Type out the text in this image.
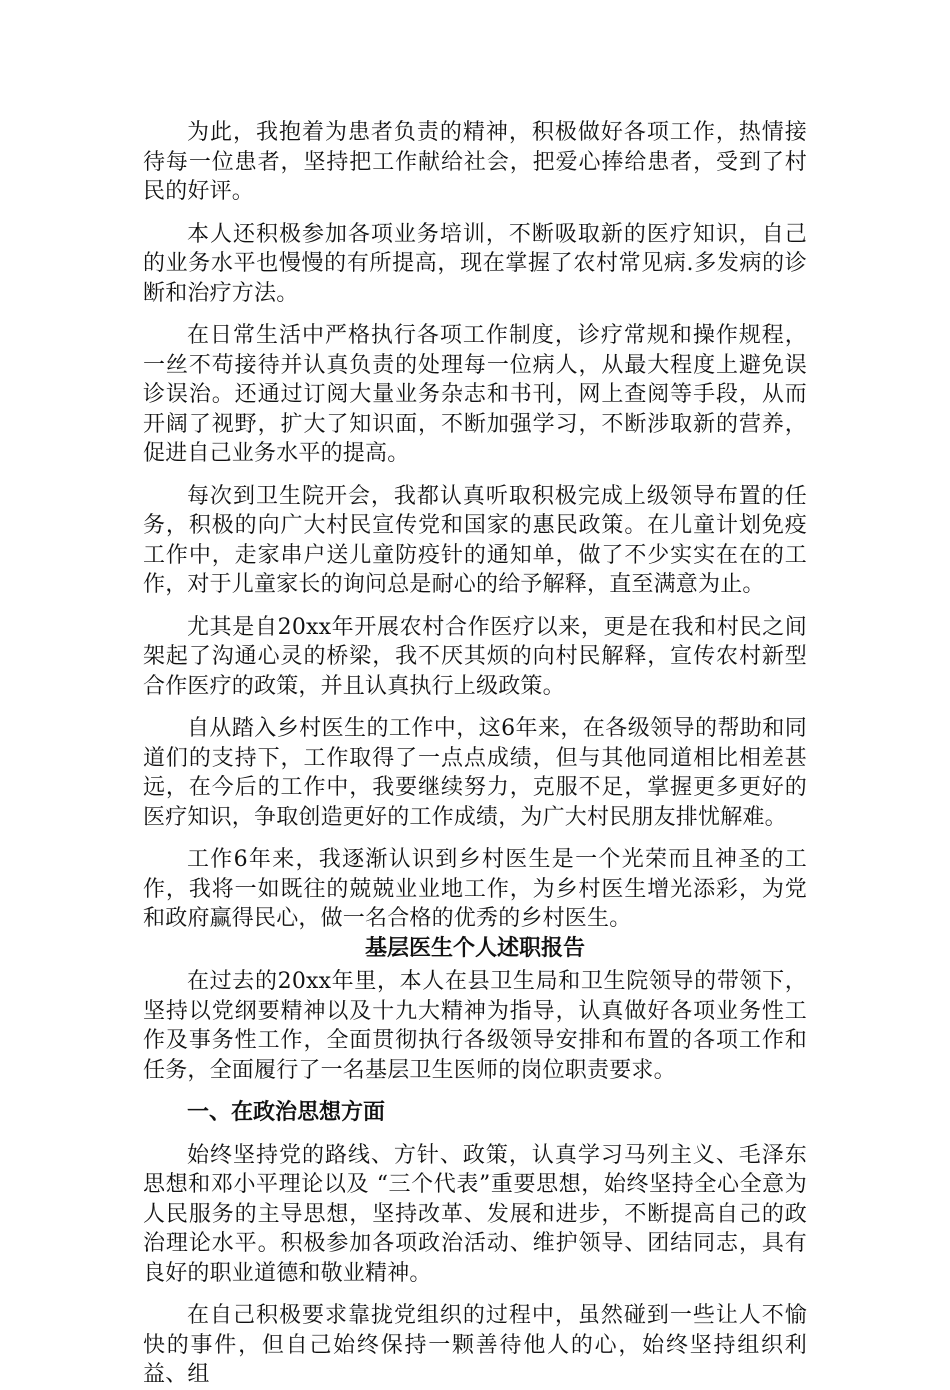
为此，我抱着为患者负责的精神，积极做好各项工作，热情接待每一位患者，坚持把工作献给社会，把爱心捧给患者，受到了村民的好评。

本人还积极参加各项业务培训，不断吸取新的医疗知识，自己的业务水平也慢慢的有所提高，现在掌握了农村常见病.多发病的诊断和治疗方法。

在日常生活中严格执行各项工作制度，诊疗常规和操作规程，一丝不苟接待并认真负责的处理每一位病人，从最大程度上避免误诊误治。还通过订阅大量业务杂志和书刊，网上查阅等手段，从而开阔了视野，扩大了知识面，不断加强学习，不断涉取新的营养，促进自己业务水平的提高。

每次到卫生院开会，我都认真听取积极完成上级领导布置的任务，积极的向广大村民宣传党和国家的惠民政策。在儿童计划免疫工作中，走家串户送儿童防疫针的通知单，做了不少实实在在的工作，对于儿童家长的询问总是耐心的给予解释，直至满意为止。

尤其是自20xx年开展农村合作医疗以来，更是在我和村民之间架起了沟通心灵的桥梁，我不厌其烦的向村民解释，宣传农村新型合作医疗的政策，并且认真执行上级政策。

自从踏入乡村医生的工作中，这6年来，在各级领导的帮助和同道们的支持下，工作取得了一点点成绩，但与其他同道相比相差甚远，在今后的工作中，我要继续努力，克服不足，掌握更多更好的医疗知识，争取创造更好的工作成绩，为广大村民朋友排忧解难。

工作6年来，我逐渐认识到乡村医生是一个光荣而且神圣的工作，我将一如既往的兢兢业业地工作，为乡村医生增光添彩，为党和政府赢得民心，做一名合格的优秀的乡村医生。

基层医生个人述职报告

在过去的20xx年里，本人在县卫生局和卫生院领导的带领下，坚持以党纲要精神以及十九大精神为指导，认真做好各项业务性工作及事务性工作，全面贯彻执行各级领导安排和布置的各项工作和任务，全面履行了一名基层卫生医师的岗位职责要求。

一、在政治思想方面

始终坚持党的路线、方针、政策，认真学习马列主义、毛泽东思想和邓小平理论以及 “三个代表”重要思想，始终坚持全心全意为人民服务的主导思想，坚持改革、发展和进步，不断提高自己的政治理论水平。积极参加各项政治活动、维护领导、团结同志，具有良好的职业道德和敬业精神。

在自己积极要求靠拢党组织的过程中，虽然碰到一些让人不愉快的事件，但自己始终保持一颗善待他人的心，始终坚持组织利益、组
